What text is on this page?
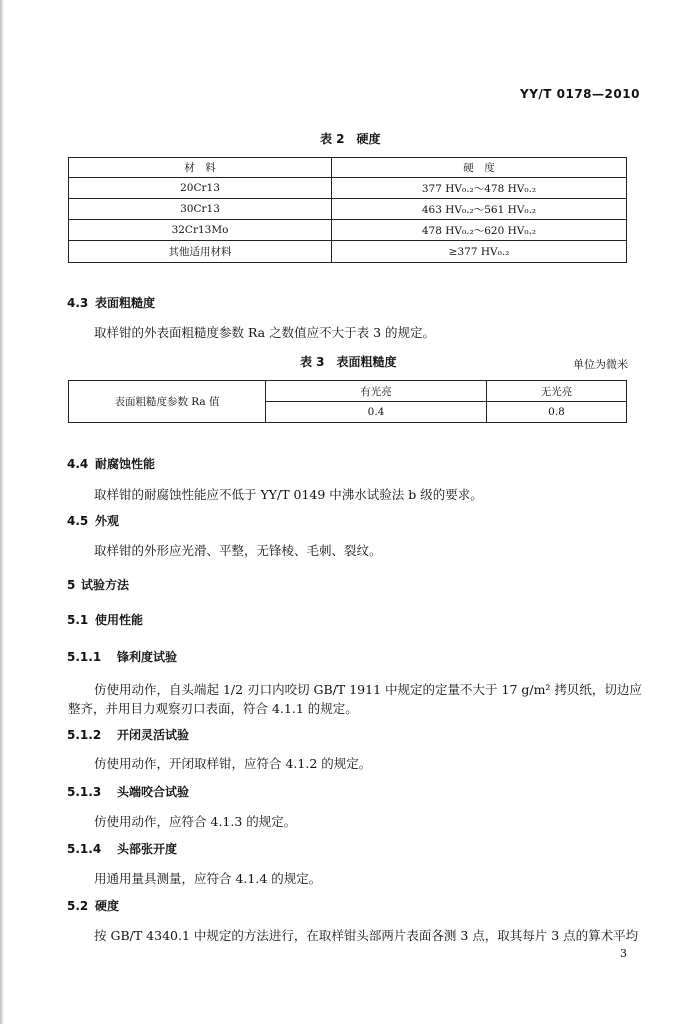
YY/T 0178—2010
表 2　硬度
材　料	硬　度
20Cr13	377 HV₀.₂～478 HV₀.₂
30Cr13	463 HV₀.₂～561 HV₀.₂
32Cr13Mo	478 HV₀.₂～620 HV₀.₂
其他适用材料	≥377 HV₀.₂
4.3 表面粗糙度
取样钳的外表面粗糙度参数 Ra 之数值应不大于表 3 的规定。
表 3　表面粗糙度	单位为微米
表面粗糙度参数 Ra 值	有光亮	无光亮
	0.4	0.8
4.4 耐腐蚀性能
取样钳的耐腐蚀性能应不低于 YY/T 0149 中沸水试验法 b 级的要求。
4.5 外观
取样钳的外形应光滑、平整，无锋棱、毛刺、裂纹。
5 试验方法
5.1 使用性能
5.1.1 锋利度试验
仿使用动作，自头端起 1/2 刃口内咬切 GB/T 1911 中规定的定量不大于 17 g/m² 拷贝纸，切边应
整齐，并用目力观察刃口表面，符合 4.1.1 的规定。
5.1.2 开闭灵活试验
仿使用动作，开闭取样钳，应符合 4.1.2 的规定。
5.1.3 头端咬合试验
仿使用动作，应符合 4.1.3 的规定。
5.1.4 头部张开度
用通用量具测量，应符合 4.1.4 的规定。
5.2 硬度
按 GB/T 4340.1 中规定的方法进行，在取样钳头部两片表面各测 3 点，取其每片 3 点的算术平均
3
